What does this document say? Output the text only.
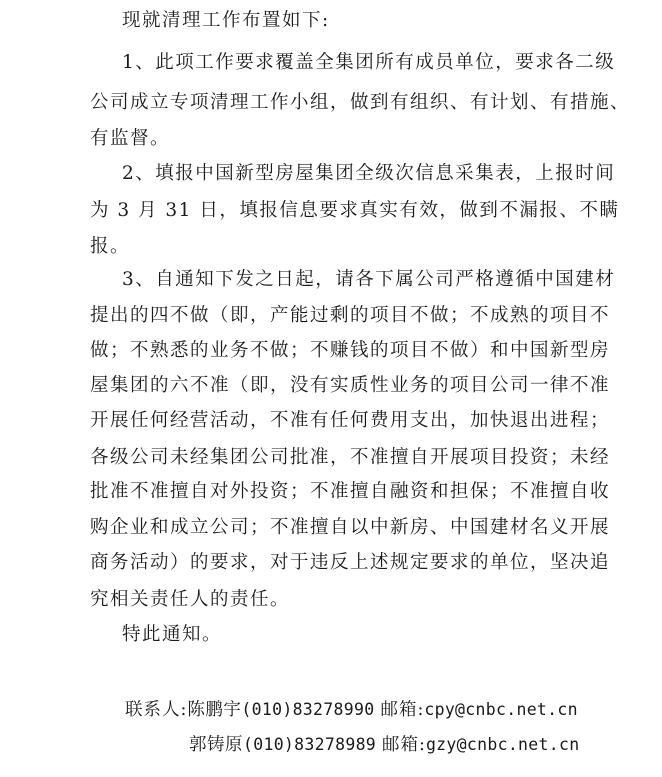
现就清理工作布置如下:
1、此项工作要求覆盖全集团所有成员单位，要求各二级
公司成立专项清理工作小组，做到有组织、有计划、有措施、
有监督。
2、填报中国新型房屋集团全级次信息采集表，上报时间
为 3 月 31 日，填报信息要求真实有效，做到不漏报、不瞒
报。
3、自通知下发之日起，请各下属公司严格遵循中国建材
提出的四不做（即，产能过剩的项目不做；不成熟的项目不
做；不熟悉的业务不做；不赚钱的项目不做）和中国新型房
屋集团的六不准（即，没有实质性业务的项目公司一律不准
开展任何经营活动，不准有任何费用支出，加快退出进程；
各级公司未经集团公司批准，不准擅自开展项目投资；未经
批准不准擅自对外投资；不准擅自融资和担保；不准擅自收
购企业和成立公司；不准擅自以中新房、中国建材名义开展
商务活动）的要求，对于违反上述规定要求的单位，坚决追
究相关责任人的责任。
特此通知。
联系人:陈鹏宇(010)83278990 邮箱:cpy@cnbc.net.cn
郭铸原(010)83278989 邮箱:gzy@cnbc.net.cn
